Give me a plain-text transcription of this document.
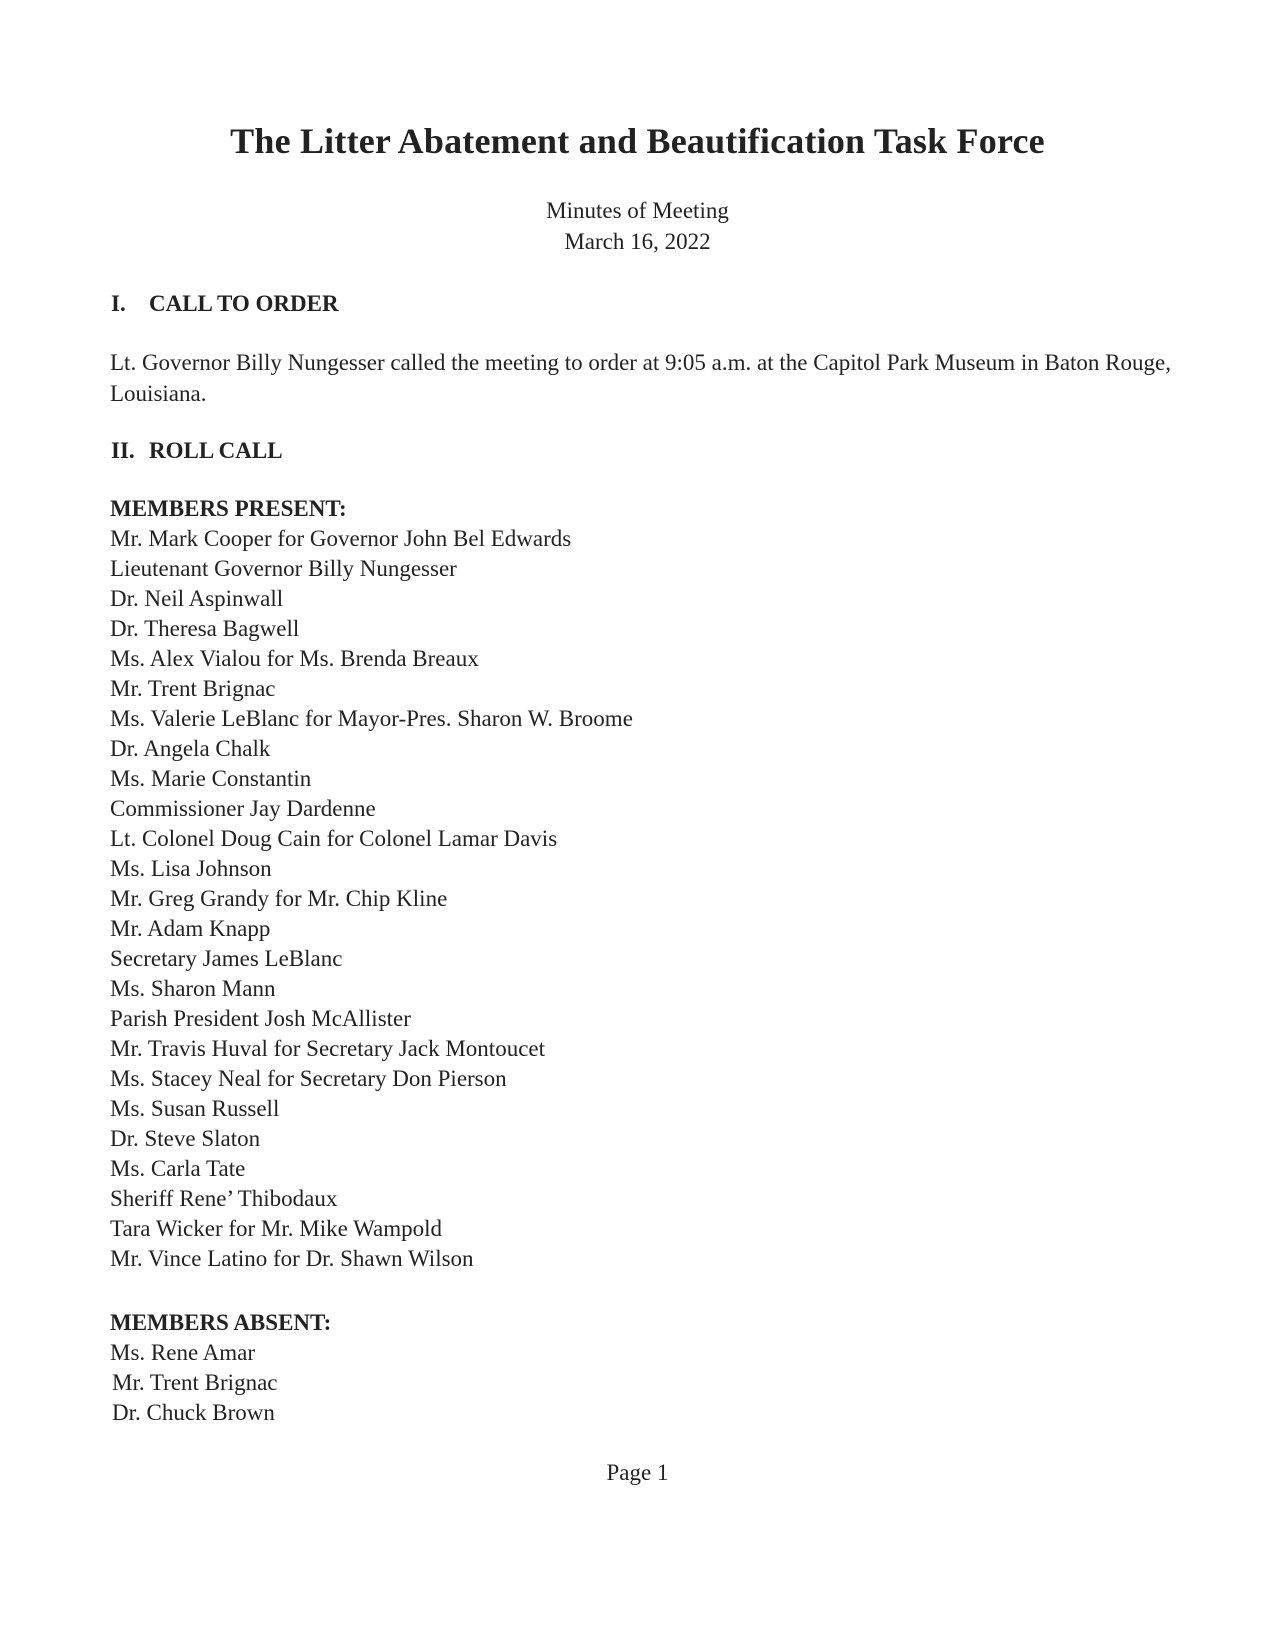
The Litter Abatement and Beautification Task Force
Minutes of Meeting
March 16, 2022
I. CALL TO ORDER
Lt. Governor Billy Nungesser called the meeting to order at 9:05 a.m. at the Capitol Park Museum in Baton Rouge, Louisiana.
II. ROLL CALL
MEMBERS PRESENT:
Mr. Mark Cooper for Governor John Bel Edwards
Lieutenant Governor Billy Nungesser
Dr. Neil Aspinwall
Dr. Theresa Bagwell
Ms. Alex Vialou for Ms. Brenda Breaux
Mr. Trent Brignac
Ms. Valerie LeBlanc for Mayor-Pres. Sharon W. Broome
Dr. Angela Chalk
Ms. Marie Constantin
Commissioner Jay Dardenne
Lt. Colonel Doug Cain for Colonel Lamar Davis
Ms. Lisa Johnson
Mr. Greg Grandy for Mr. Chip Kline
Mr. Adam Knapp
Secretary James LeBlanc
Ms. Sharon Mann
Parish President Josh McAllister
Mr. Travis Huval for Secretary Jack Montoucet
Ms. Stacey Neal for Secretary Don Pierson
Ms. Susan Russell
Dr. Steve Slaton
Ms. Carla Tate
Sheriff Rene’ Thibodaux
Tara Wicker for Mr. Mike Wampold
Mr. Vince Latino for Dr. Shawn Wilson
MEMBERS ABSENT:
Ms. Rene Amar
Mr. Trent Brignac
Dr. Chuck Brown
Page 1
